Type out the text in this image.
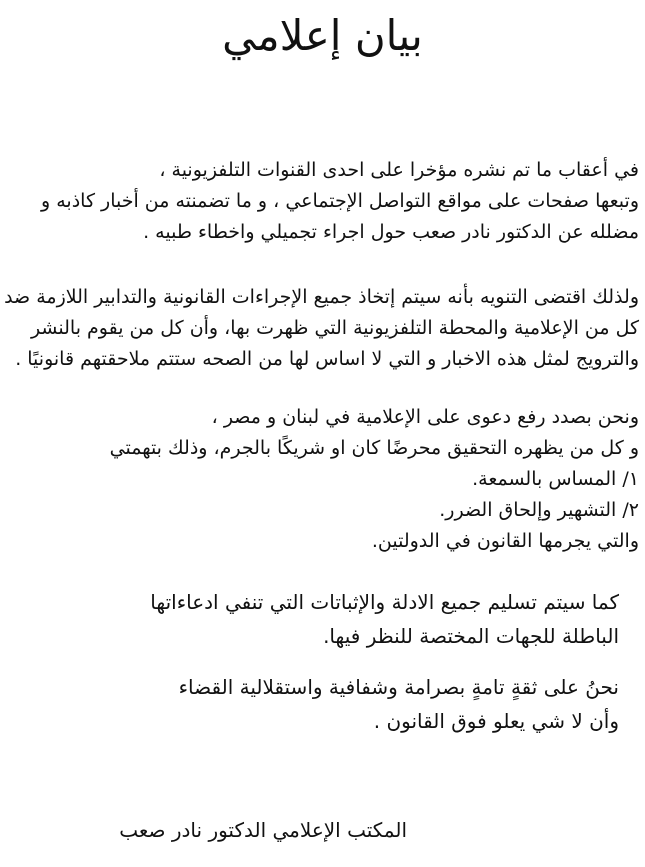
بيان إعلامي
في أعقاب ما تم نشره مؤخرا على احدى القنوات التلفزيونية ،
وتبعها صفحات على مواقع التواصل الإجتماعي ، و ما تضمنته من أخبار كاذبه و
مضلله عن الدكتور نادر صعب حول اجراء تجميلي واخطاء طبيه .
ولذلك اقتضى التنويه بأنه سيتم إتخاذ جميع الإجراءات القانونية والتدابير اللازمة ضد
كل من الإعلامية والمحطة التلفزيونية التي ظهرت بها، وأن كل من يقوم بالنشر
والترويج لمثل هذه الاخبار و التي لا اساس لها من الصحه ستتم ملاحقتهم قانونيًا .
ونحن بصدد رفع دعوى على الإعلامية في لبنان و مصر ،
و كل من يظهره التحقيق محرضًا كان او شريكًا بالجرم، وذلك بتهمتي
١/ المساس بالسمعة.
٢/ التشهير وإلحاق الضرر.
والتي يجرمها القانون في الدولتين.
كما سيتم تسليم جميع الادلة والإثباتات التي تنفي ادعاءاتها
الباطلة للجهات المختصة للنظر فيها.
نحنُ على ثقةٍ تامةٍ بصرامة وشفافية واستقلالية القضاء
وأن لا شي يعلو فوق القانون .
المكتب الإعلامي الدكتور نادر صعب
